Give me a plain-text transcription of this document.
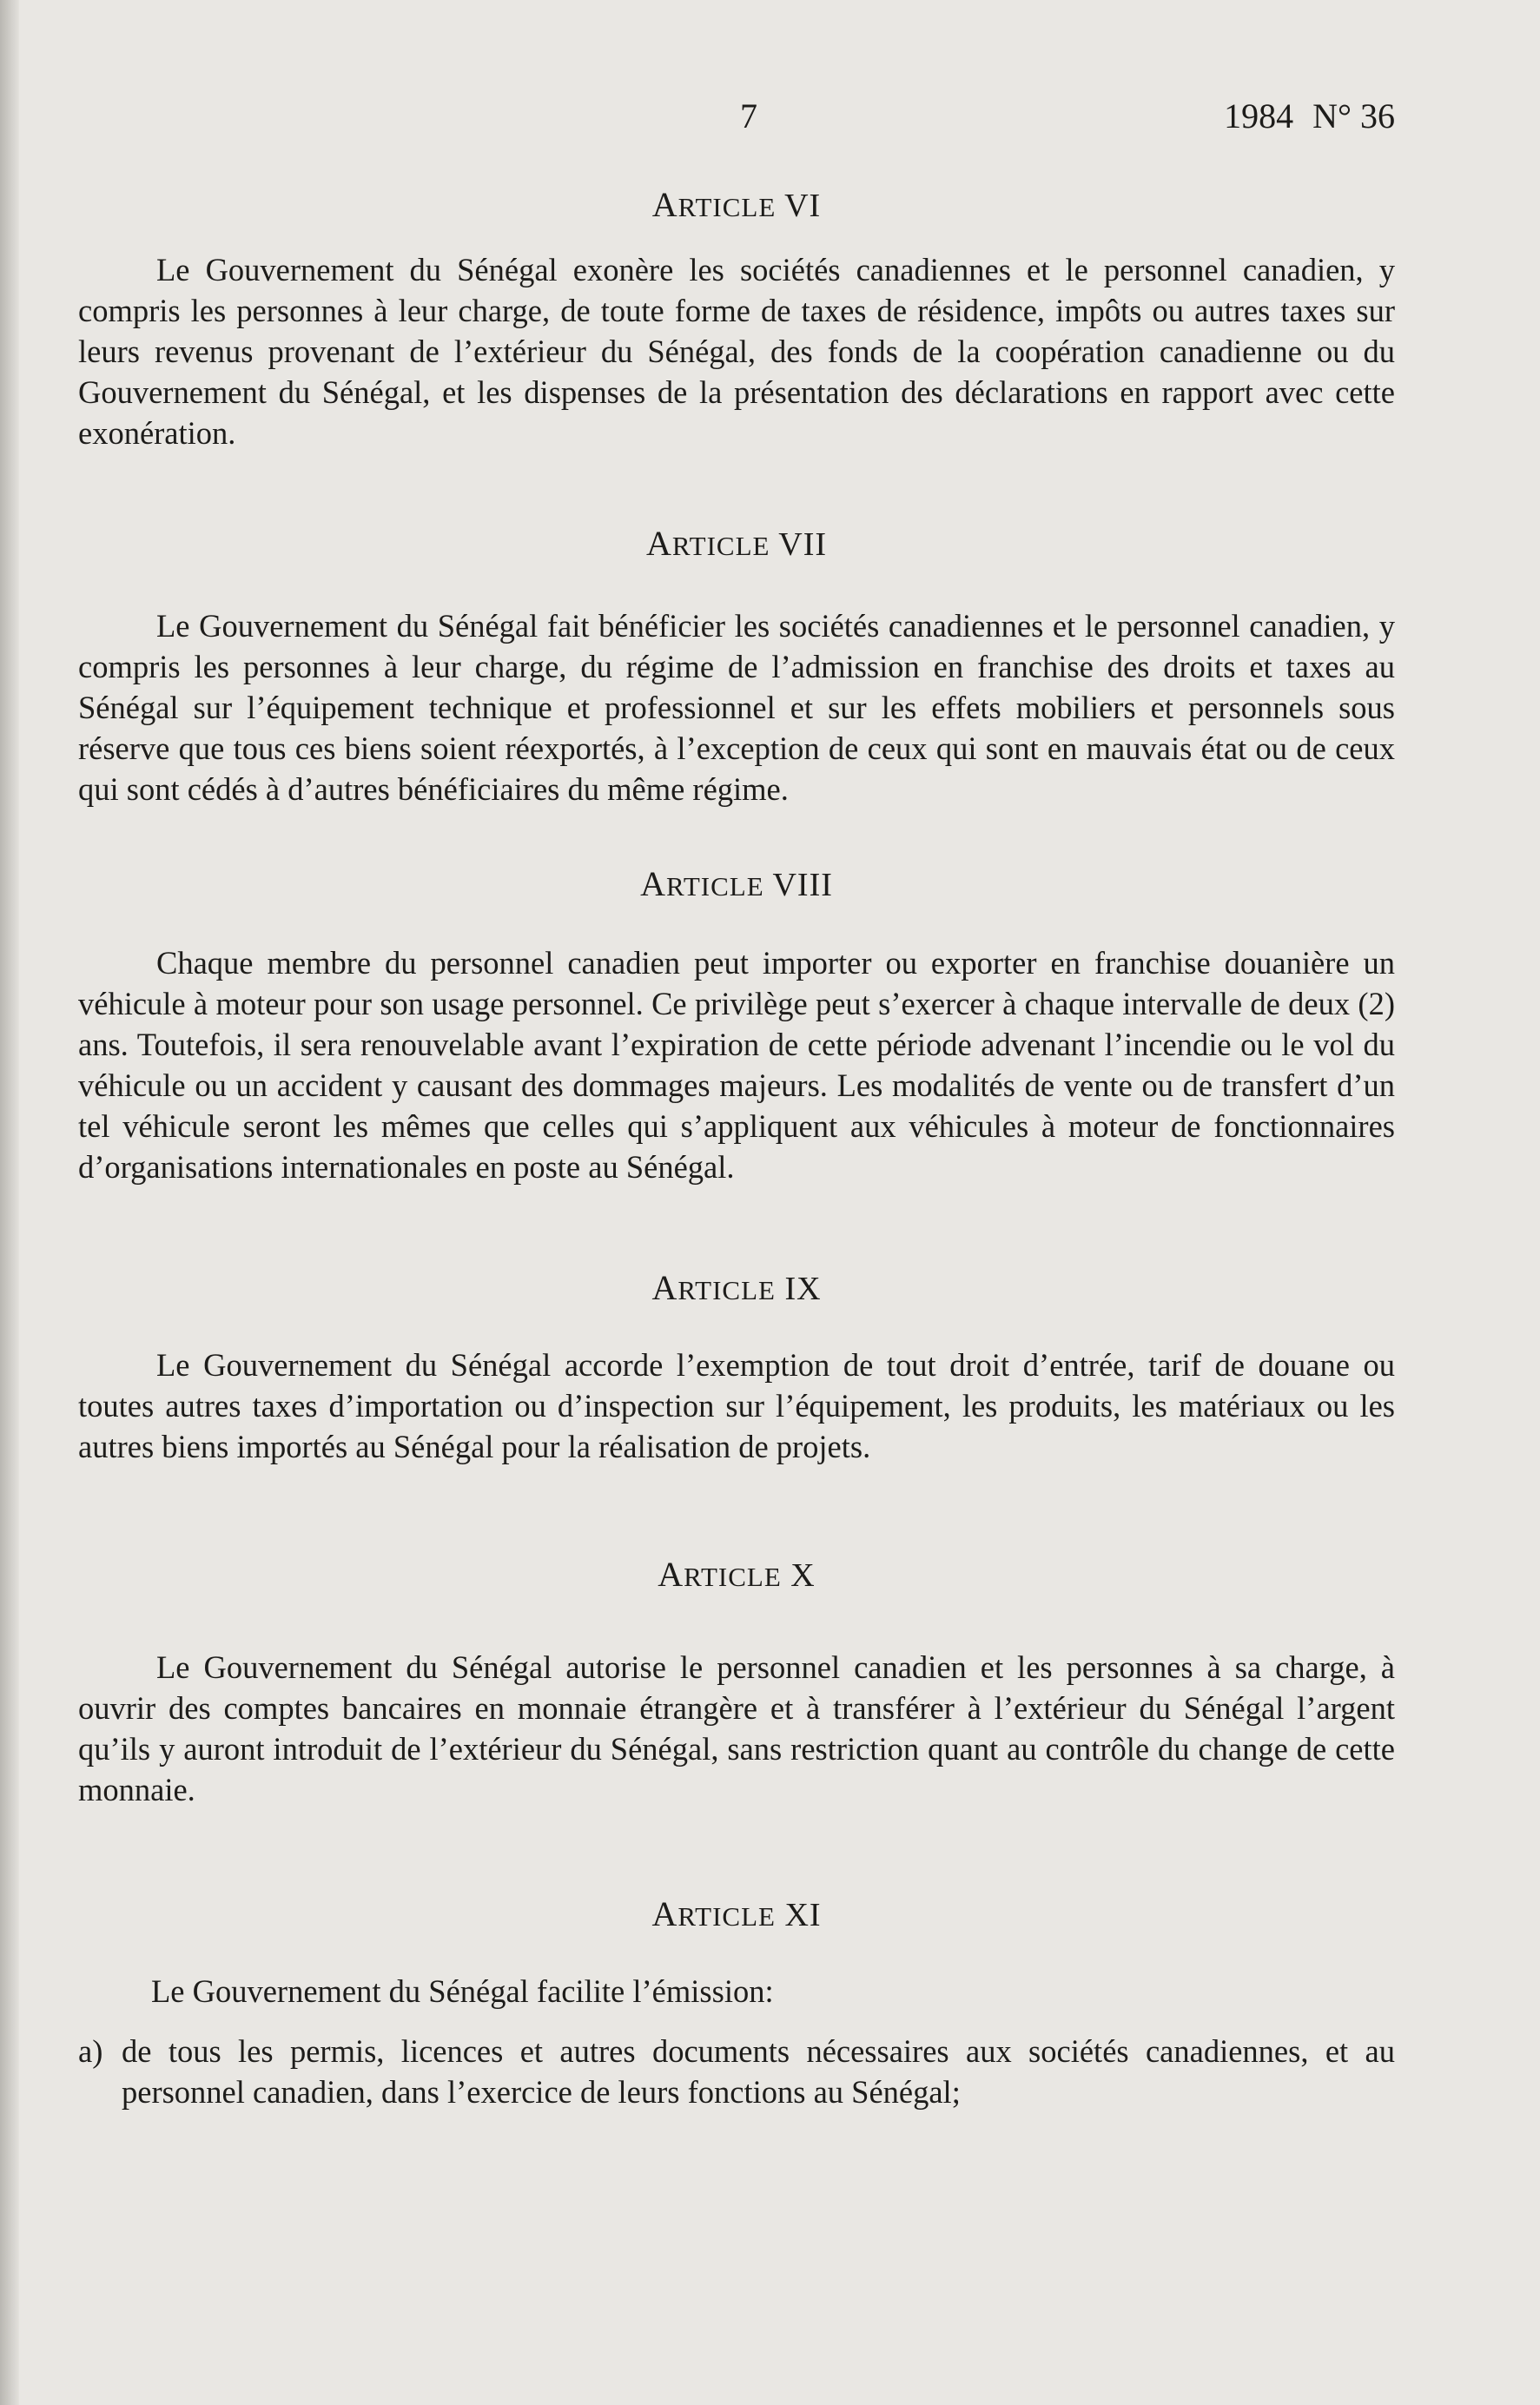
7	1984 N° 36
ARTICLE VI

Le Gouvernement du Sénégal exonère les sociétés canadiennes et le personnel canadien, y compris les personnes à leur charge, de toute forme de taxes de résidence, impôts ou autres taxes sur leurs revenus provenant de l’extérieur du Sénégal, des fonds de la coopération canadienne ou du Gouvernement du Sénégal, et les dispenses de la présentation des déclarations en rapport avec cette exonération.

ARTICLE VII

Le Gouvernement du Sénégal fait bénéficier les sociétés canadiennes et le personnel canadien, y compris les personnes à leur charge, du régime de l’admission en franchise des droits et taxes au Sénégal sur l’équipement technique et professionnel et sur les effets mobiliers et personnels sous réserve que tous ces biens soient réexportés, à l’exception de ceux qui sont en mauvais état ou de ceux qui sont cédés à d’autres bénéficiaires du même régime.

ARTICLE VIII

Chaque membre du personnel canadien peut importer ou exporter en franchise douanière un véhicule à moteur pour son usage personnel. Ce privilège peut s’exercer à chaque intervalle de deux (2) ans. Toutefois, il sera renouvelable avant l’expiration de cette période advenant l’incendie ou le vol du véhicule ou un accident y causant des dommages majeurs. Les modalités de vente ou de transfert d’un tel véhicule seront les mêmes que celles qui s’appliquent aux véhicules à moteur de fonctionnaires d’organisations internationales en poste au Sénégal.

ARTICLE IX

Le Gouvernement du Sénégal accorde l’exemption de tout droit d’entrée, tarif de douane ou toutes autres taxes d’importation ou d’inspection sur l’équipement, les produits, les matériaux ou les autres biens importés au Sénégal pour la réalisation de projets.

ARTICLE X

Le Gouvernement du Sénégal autorise le personnel canadien et les personnes à sa charge, à ouvrir des comptes bancaires en monnaie étrangère et à transférer à l’extérieur du Sénégal l’argent qu’ils y auront introduit de l’extérieur du Sénégal, sans restriction quant au contrôle du change de cette monnaie.

ARTICLE XI

Le Gouvernement du Sénégal facilite l’émission:

a) de tous les permis, licences et autres documents nécessaires aux sociétés canadiennes, et au personnel canadien, dans l’exercice de leurs fonctions au Sénégal;
